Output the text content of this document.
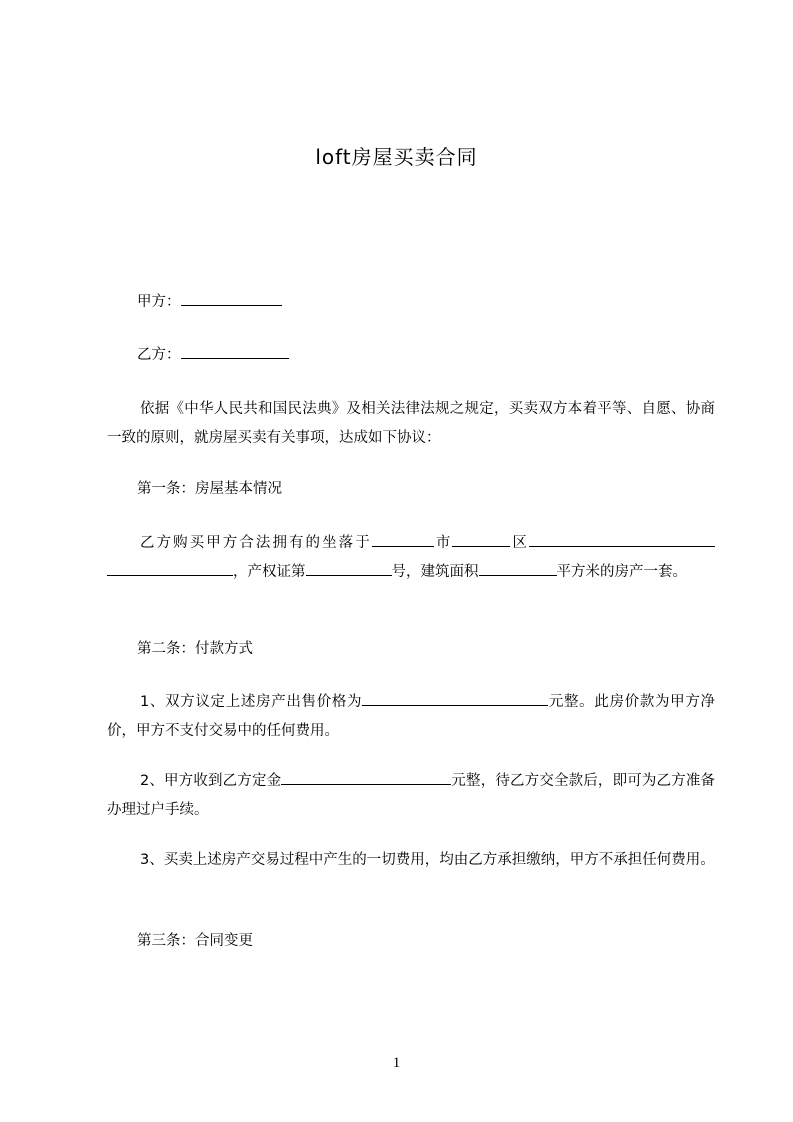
loft房屋买卖合同
甲方：
乙方：
依据《中华人民共和国民法典》及相关法律法规之规定，买卖双方本着平等、自愿、协商一致的原则，就房屋买卖有关事项，达成如下协议：
第一条：房屋基本情况
乙方购买甲方合法拥有的坐落于	市	区，产权证第	号，建筑面积	平方米的房产一套。
第二条：付款方式
1、双方议定上述房产出售价格为	元整。此房价款为甲方净价，甲方不支付交易中的任何费用。
2、甲方收到乙方定金	元整，待乙方交全款后，即可为乙方准备办理过户手续。
3、买卖上述房产交易过程中产生的一切费用，均由乙方承担缴纳，甲方不承担任何费用。
第三条：合同变更
1
